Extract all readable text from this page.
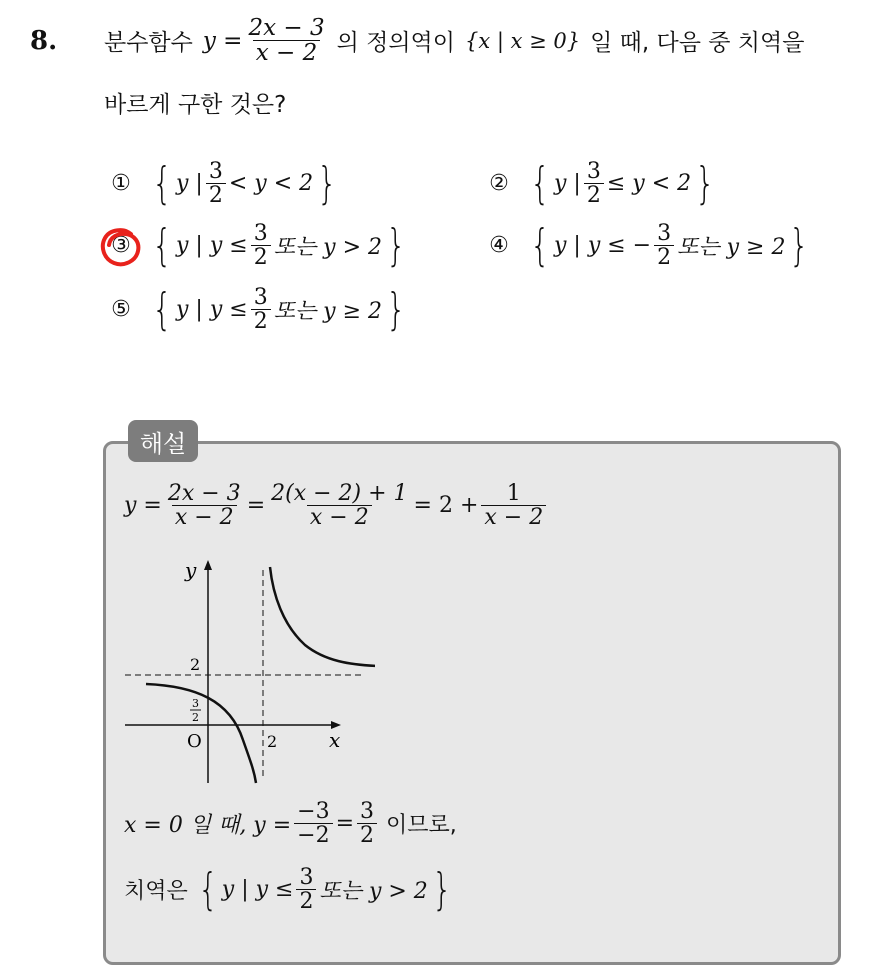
8. 분수함수 $y = \frac{2x - 3}{x - 2}$ 의 정의역이 {x | x ≥ 0} 일 때, 다음 중 치역을
바르게 구한 것은?
① { y | $\frac{3}{2} < y < 2$ }	② { y | $\frac{3}{2} \le y < 2$ }
③ { y | $y \le \frac{3}{2}$ 또는 y > 2 }	④ { y | y ≤ − $\frac{3}{2}$ 또는 y ≥ 2 }
⑤ { y | $y \le \frac{3}{2}$ 또는 y ≥ 2 }
해설
$y = \frac{2x - 3}{x - 2} = \frac{2(x - 2) + 1}{x - 2} = 2 + \frac{1}{x - 2}$
y
x
O
2
3
2
2
x = 0 일 때, $y = \frac{-3}{-2} = \frac{3}{2}$ 이므로,
치역은 { y | $y \le \frac{3}{2}$ 또는 y > 2 }
